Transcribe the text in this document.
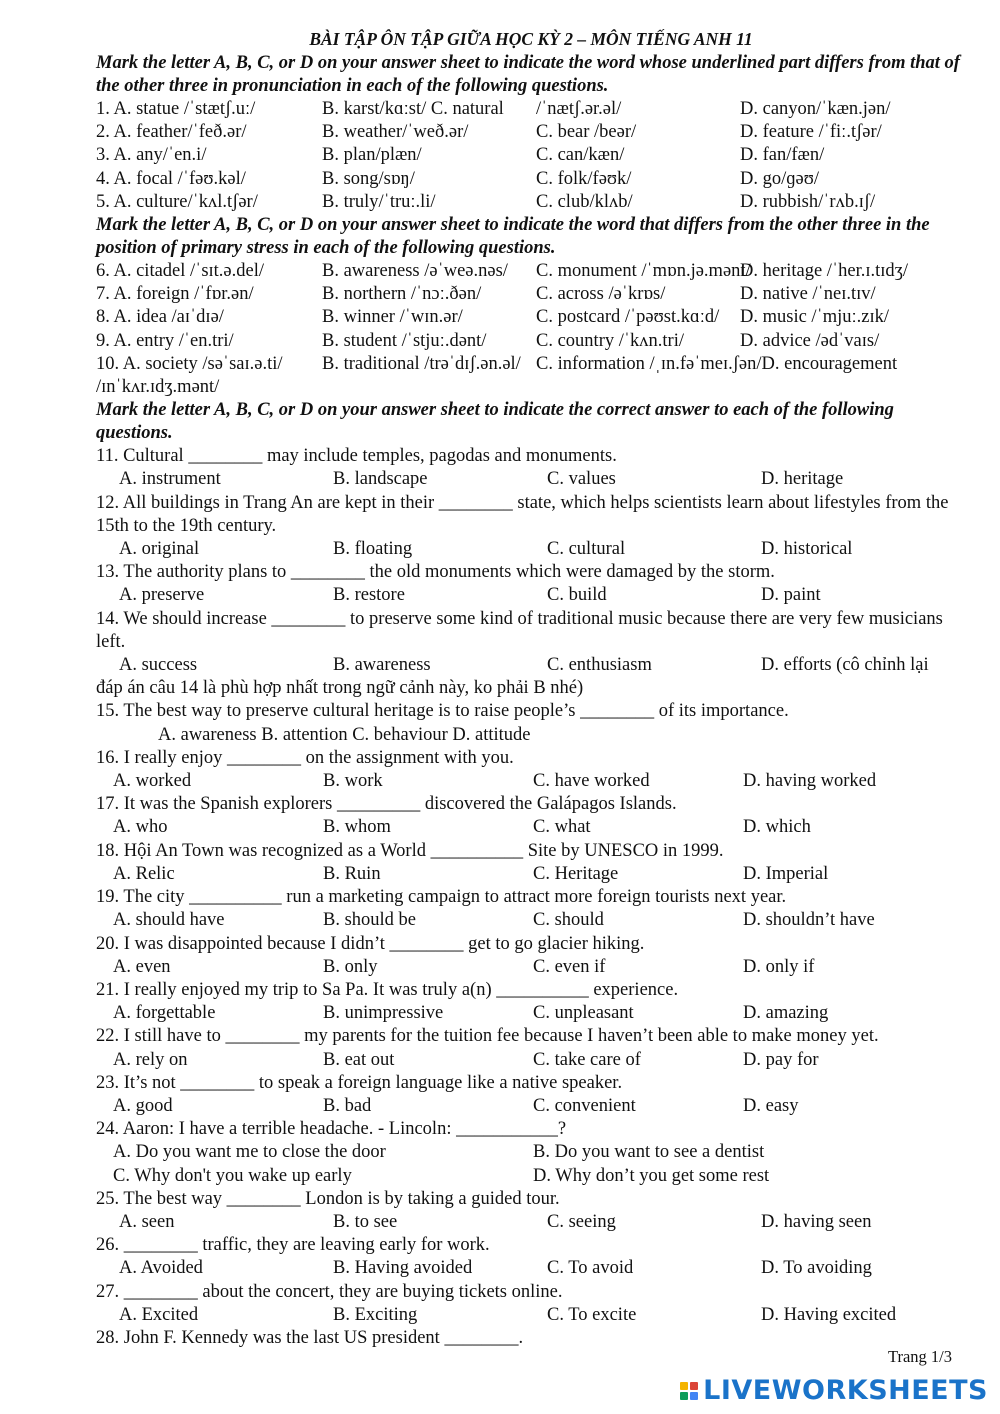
BÀI TẬP ÔN TẬP GIỮA HỌC KỲ 2 – MÔN TIẾNG ANH 11
Mark the letter A, B, C, or D on your answer sheet to indicate the word whose underlined part differs from that of the other three in pronunciation in each of the following questions.
1. A. statue /ˈstætʃ.uː/	B. karst/kɑːst/ C. natural	/ˈnætʃ.ər.əl/	D. canyon/ˈkæn.jən/
2. A. feather/ˈfeð.ər/	B. weather/ˈweð.ər/	C. bear /beər/	D. feature /ˈfiː.tʃər/
3. A. any/ˈen.i/	B. plan/plæn/	C. can/kæn/	D. fan/fæn/
4. A. focal /ˈfəʊ.kəl/	B. song/sɒŋ/	C. folk/fəʊk/	D. go/ɡəʊ/
5. A. culture/ˈkʌl.tʃər/	B. truly/ˈtruː.li/	C. club/klʌb/	D. rubbish/ˈrʌb.ɪʃ/
Mark the letter A, B, C, or D on your answer sheet to indicate the word that differs from the other three in the position of primary stress in each of the following questions.
6. A. citadel /ˈsɪt.ə.del/	B. awareness /əˈweə.nəs/	C. monument /ˈmɒn.jə.mənt/
D. heritage /ˈher.ɪ.tɪdʒ/
7. A. foreign /ˈfɒr.ən/	B. northern /ˈnɔː.ðən/	C. across /əˈkrɒs/	D. native /ˈneɪ.tɪv/
8. A. idea /aɪˈdɪə/	B. winner /ˈwɪn.ər/	C. postcard /ˈpəʊst.kɑːd/	D. music /ˈmjuː.zɪk/
9. A. entry /ˈen.tri/	B. student /ˈstjuː.dənt/	C. country /ˈkʌn.tri/	D. advice /ədˈvaɪs/
10. A. society /səˈsaɪ.ə.ti/	B. traditional /trəˈdɪʃ.ən.əl/ C. information /ˌɪn.fəˈmeɪ.ʃən/D. encouragement
/ɪnˈkʌr.ɪdʒ.mənt/
Mark the letter A, B, C, or D on your answer sheet to indicate the correct answer to each of the following questions.
11. Cultural ________ may include temples, pagodas and monuments.
A. instrument	B. landscape	C. values	D. heritage
12. All buildings in Trang An are kept in their ________ state, which helps scientists learn about lifestyles from the 15th to the 19th century.
A. original	B. floating	C. cultural	D. historical
13. The authority plans to ________ the old monuments which were damaged by the storm.
A. preserve	B. restore	C. build	D. paint
14. We should increase ________ to preserve some kind of traditional music because there are very few musicians left.
A. success	B. awareness	C. enthusiasm	D. efforts (cô chỉnh lại
đáp án câu 14 là phù hợp nhất trong ngữ cảnh này, ko phải B nhé)
15. The best way to preserve cultural heritage is to raise people’s ________ of its importance.
A. awareness B. attention C. behaviour D. attitude
16. I really enjoy ________ on the assignment with you.
A. worked	B. work	C. have worked	D. having worked
17. It was the Spanish explorers _________ discovered the Galápagos Islands.
A. who	B. whom	C. what	D. which
18. Hội An Town was recognized as a World __________ Site by UNESCO in 1999.
A. Relic	B. Ruin	C. Heritage	D. Imperial
19. The city __________ run a marketing campaign to attract more foreign tourists next year.
A. should have	B. should be	C. should	D. shouldn’t have
20. I was disappointed because I didn’t ________ get to go glacier hiking.
A. even	B. only	C. even if	D. only if
21. I really enjoyed my trip to Sa Pa. It was truly a(n) __________ experience.
A. forgettable	B. unimpressive	C. unpleasant	D. amazing
22. I still have to ________ my parents for the tuition fee because I haven’t been able to make money yet.
A. rely on	B. eat out	C. take care of	D. pay for
23. It’s not ________ to speak a foreign language like a native speaker.
A. good	B. bad	C. convenient	D. easy
24. Aaron: I have a terrible headache. - Lincoln: ___________?
A. Do you want me to close the door	B. Do you want to see a dentist
C. Why don't you wake up early	D. Why don’t you get some rest
25. The best way ________ London is by taking a guided tour.
A. seen	B. to see	C. seeing	D. having seen
26. ________ traffic, they are leaving early for work.
A. Avoided	B. Having avoided	C. To avoid	D. To avoiding
27. ________ about the concert, they are buying tickets online.
A. Excited	B. Exciting	C. To excite	D. Having excited
28. John F. Kennedy was the last US president ________.
Trang 1/3
LIVEWORKSHEETS
